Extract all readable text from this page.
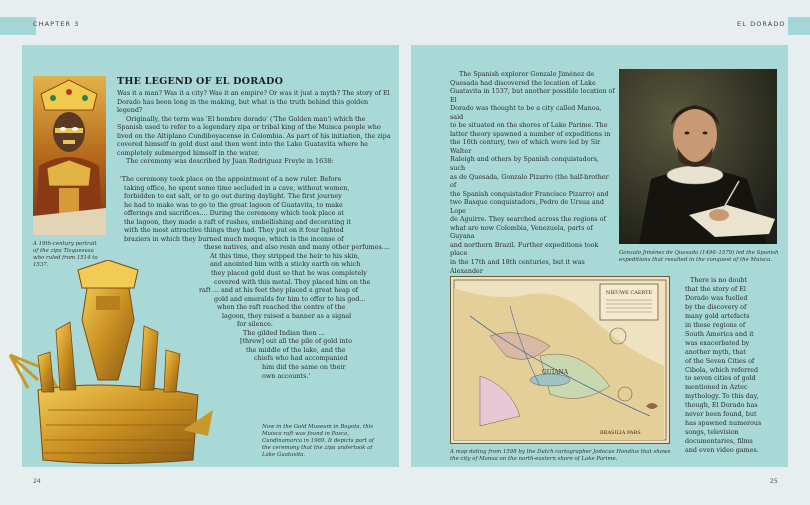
CHAPTER 3	EL DORADO
A 19th-century portrait of the zipa Tisquesusa who ruled from 1514 to 1537.
THE LEGEND OF EL DORADO

Was it a man? Was it a city? Was it an empire? Or was it just a myth? The story of El Dorado has been long in the making, but what is the truth behind this golden legend?

Originally, the term was 'El hombre dorado' ('The Golden man') which the Spanish used to refer to a legendary zipa or tribal king of the Muisca people who lived on the Altiplano Cundiboyacense in Colombia. As part of his initiation, the zipa covered himself in gold dust and then went into the Lake Guatavita where he completely submerged himself in the water.

The ceremony was described by Juan Rodriguez Freyle in 1638:

'The ceremony took place on the appointment of a new ruler. Before

taking office, he spent some time secluded in a cave, without women,

forbidden to eat salt, or to go out during daylight. The first journey

he had to make was to go to the great lagoon of Guatavita, to make

offerings and sacrifices.... During the ceremony which took place at

the lagoon, they made a raft of rushes, embellishing and decorating it

with the most attractive things they had. They put on it four lighted

braziers in which they burned much moque, which is the incense of

these natives, and also resin and many other perfumes....

At this time, they stripped the heir to his skin,

and anointed him with a sticky earth on which

they placed gold dust so that he was completely

covered with this metal. They placed him on the

raft ... and at his feet they placed a great heap of

gold and emeralds for him to offer to his god...

when the raft reached the centre of the

lagoon, they raised a banner as a signal

for silence.

The gilded Indian then ...

[threw] out all the pile of gold into

the middle of the lake, and the

chiefs who had accompanied

him did the same on their

own accounts.'

Now in the Gold Museum in Bogota, this Muisca raft was found in Pasca, Cundinamarca in 1969. It depicts part of the ceremony that the zipa undertook at Lake Guatavita.
24

The Spanish explorer Gonzalo Jiménez de

Quesada had discovered the location of Lake

Guatavita in 1537, but another possible location of El

Dorado was thought to be a city called Manoa, said

to be situated on the shores of Lake Parime. The

latter theory spawned a number of expeditions in

the 16th century, two of which were led by Sir Walter

Raleigh and others by Spanish conquistadors, such

as de Quesada, Gonzalo Pizarro (the half-brother of

the Spanish conquistador Francisco Pizarro) and

two Basque conquistadors, Pedro de Ursua and Lope

de Aguirre. They searched across the regions of

what are now Colombia, Venezuela, parts of Guyana

and northern Brazil. Further expeditions took place

in the 17th and 18th centuries, but it was Alexander

Gonzalo Jiménez de Quesada (1496–1579) led the Spanish expeditions that resulted in the conquest of the Muisca.
NIEUWE CAERTE
GUIANA
BRASILIA PARS
A map dating from 1598 by the Dutch cartographer Jodocus Hondius that shows the city of Manoa on the north-eastern shore of Lake Parime.

There is no doubt

that the story of El

Dorado was fuelled

by the discovery of

many gold artefacts

in these regions of

South America and it

was exacerbated by

another myth, that

of the Seven Cities of

Cibola, which referred

to seven cities of gold

mentioned in Aztec

mythology. To this day,

though, El Dorado has

never been found, but

has spawned numerous

songs, television

documentaries, films

and even video games.

25
